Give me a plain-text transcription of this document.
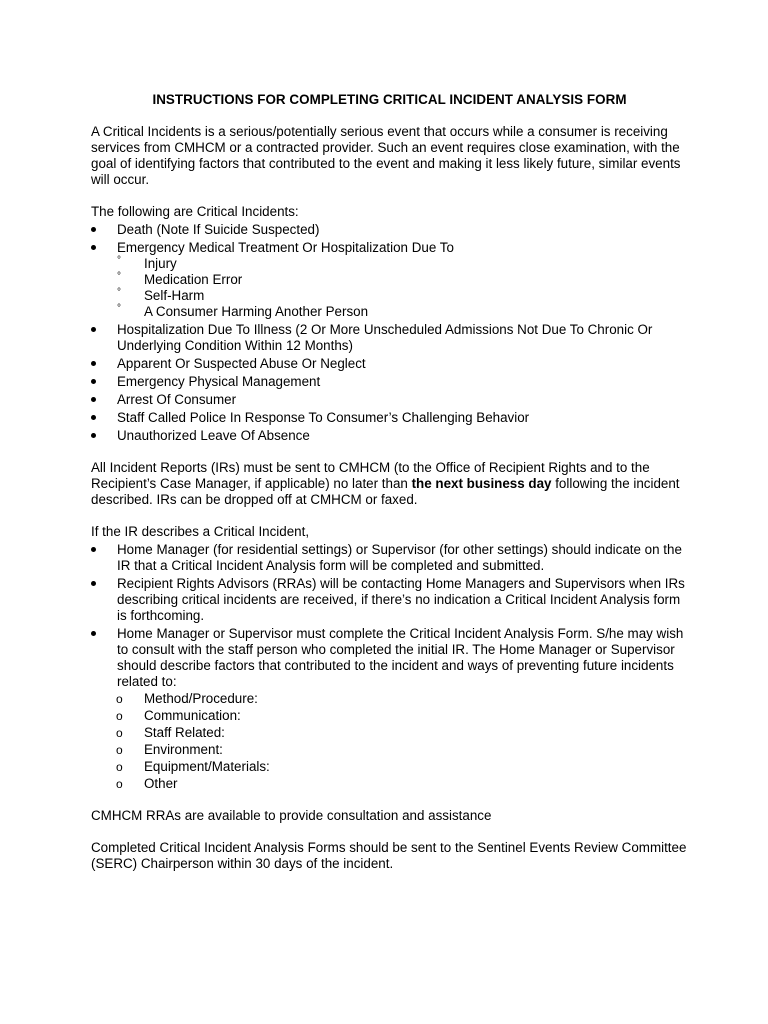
INSTRUCTIONS FOR COMPLETING CRITICAL INCIDENT ANALYSIS FORM

A Critical Incidents is a serious/potentially serious event that occurs while a consumer is receiving services from CMHCM or a contracted provider. Such an event requires close examination, with the goal of identifying factors that contributed to the event and making it less likely future, similar events will occur.

The following are Critical Incidents:

Death (Note If Suicide Suspected)
Emergency Medical Treatment Or Hospitalization Due To
° Injury
° Medication Error
° Self-Harm
° A Consumer Harming Another Person
Hospitalization Due To Illness (2 Or More Unscheduled Admissions Not Due To Chronic Or Underlying Condition Within 12 Months)
Apparent Or Suspected Abuse Or Neglect
Emergency Physical Management
Arrest Of Consumer
Staff Called Police In Response To Consumer’s Challenging Behavior
Unauthorized Leave Of Absence

All Incident Reports (IRs) must be sent to CMHCM (to the Office of Recipient Rights and to the Recipient’s Case Manager, if applicable) no later than the next business day following the incident described. IRs can be dropped off at CMHCM or faxed.

If the IR describes a Critical Incident,

Home Manager (for residential settings) or Supervisor (for other settings) should indicate on the IR that a Critical Incident Analysis form will be completed and submitted.
Recipient Rights Advisors (RRAs) will be contacting Home Managers and Supervisors when IRs describing critical incidents are received, if there’s no indication a Critical Incident Analysis form is forthcoming.
Home Manager or Supervisor must complete the Critical Incident Analysis Form. S/he may wish to consult with the staff person who completed the initial IR. The Home Manager or Supervisor should describe factors that contributed to the incident and ways of preventing future incidents related to:
o Method/Procedure:
o Communication:
o Staff Related:
o Environment:
o Equipment/Materials:
o Other

CMHCM RRAs are available to provide consultation and assistance

Completed Critical Incident Analysis Forms should be sent to the Sentinel Events Review Committee (SERC) Chairperson within 30 days of the incident.
